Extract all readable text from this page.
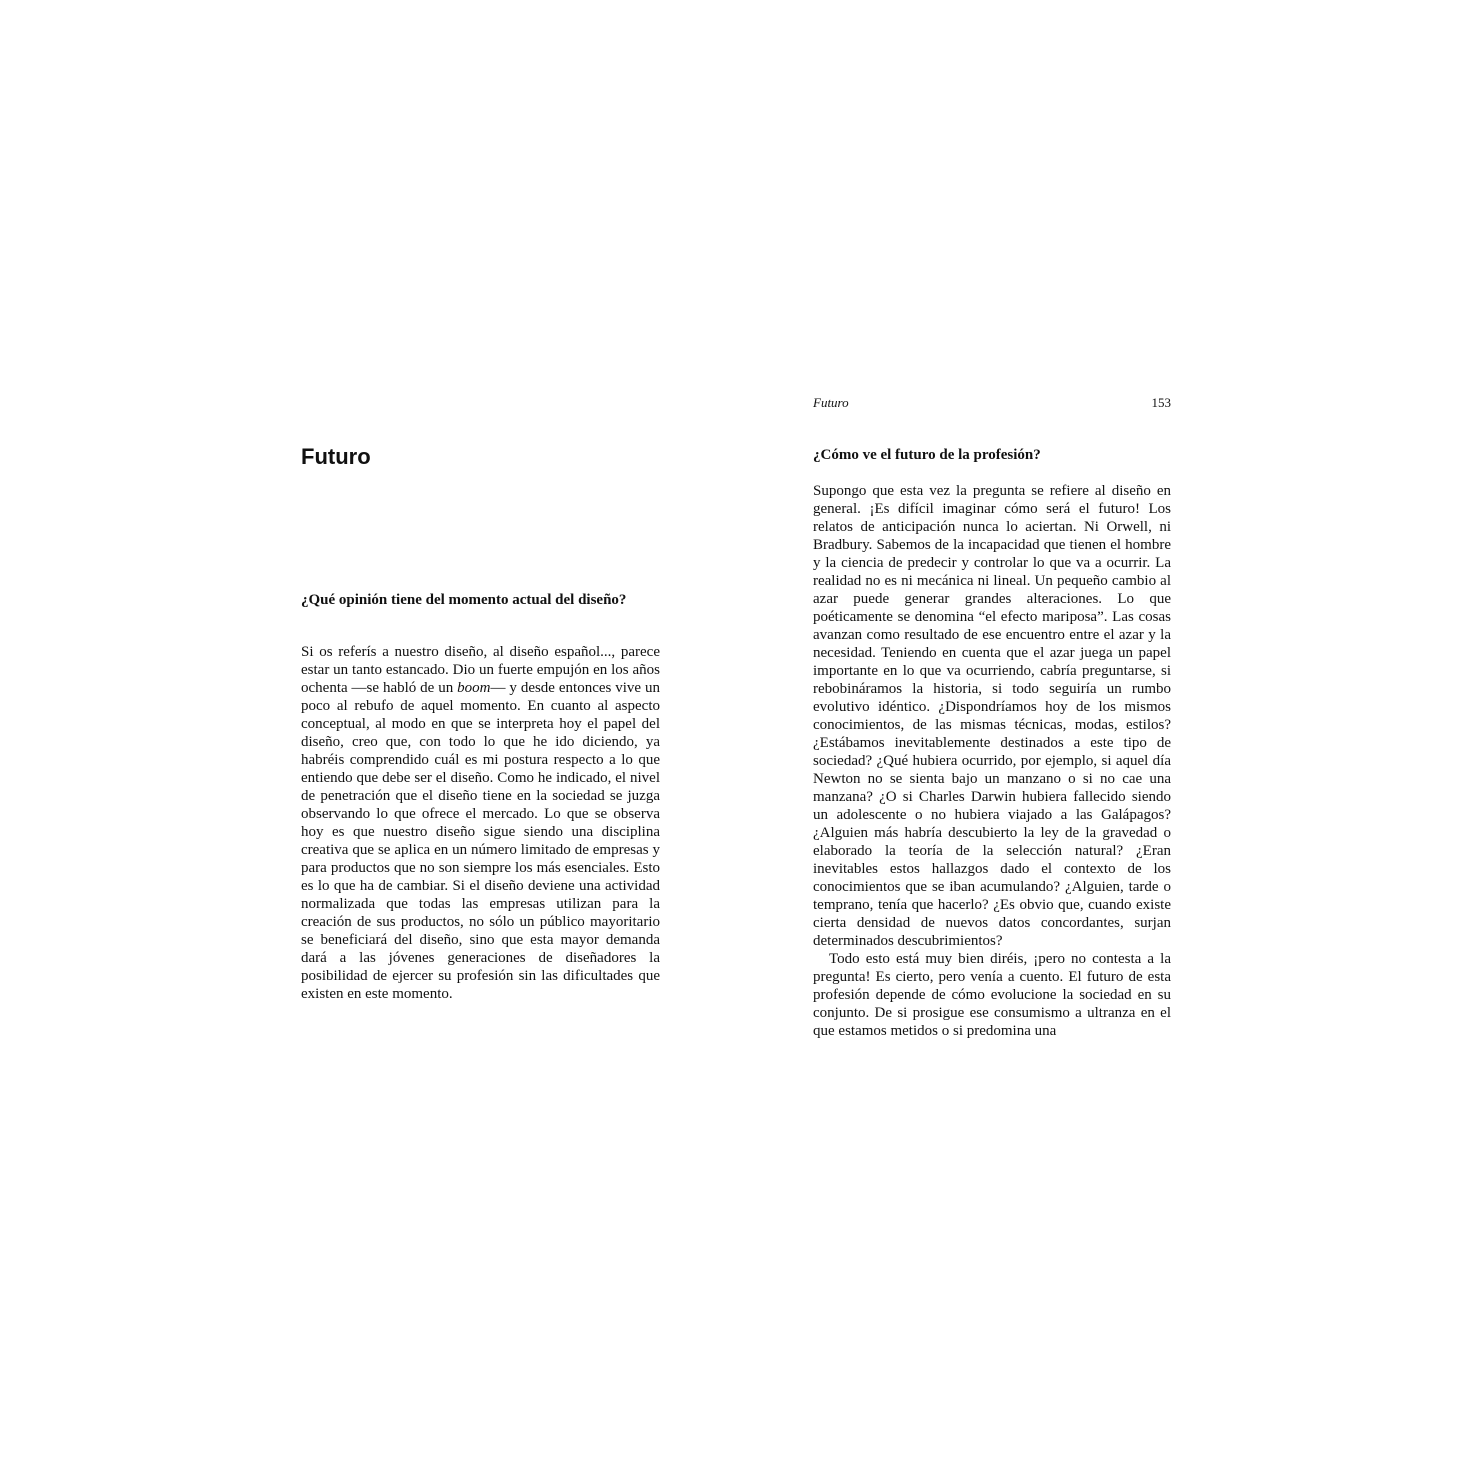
Futuro
¿Qué opinión tiene del momento actual del diseño?

Si os referís a nuestro diseño, al diseño español..., parece estar un tanto estancado. Dio un fuerte empujón en los años ochenta —se habló de un boom— y desde entonces vive un poco al rebufo de aquel momento. En cuanto al aspecto conceptual, al modo en que se interpreta hoy el papel del diseño, creo que, con todo lo que he ido diciendo, ya habréis comprendido cuál es mi postura respecto a lo que entiendo que debe ser el diseño. Como he indicado, el nivel de penetración que el diseño tiene en la sociedad se juzga observando lo que ofrece el mercado. Lo que se observa hoy es que nuestro diseño sigue siendo una disciplina creativa que se aplica en un número limitado de empresas y para productos que no son siempre los más esenciales. Esto es lo que ha de cambiar. Si el diseño deviene una actividad normalizada que todas las empresas utilizan para la creación de sus productos, no sólo un público mayoritario se beneficiará del diseño, sino que esta mayor demanda dará a las jóvenes generaciones de diseñadores la posibilidad de ejercer su profesión sin las dificultades que existen en este momento.

Futuro	153
¿Cómo ve el futuro de la profesión?

Supongo que esta vez la pregunta se refiere al diseño en general. ¡Es difícil imaginar cómo será el futuro! Los relatos de anticipación nunca lo aciertan. Ni Orwell, ni Bradbury. Sabemos de la incapacidad que tienen el hombre y la ciencia de predecir y controlar lo que va a ocurrir. La realidad no es ni mecánica ni lineal. Un pequeño cambio al azar puede generar grandes alteraciones. Lo que poéticamente se denomina “el efecto mariposa”. Las cosas avanzan como resultado de ese encuentro entre el azar y la necesidad. Teniendo en cuenta que el azar juega un papel importante en lo que va ocurriendo, cabría preguntarse, si rebobináramos la historia, si todo seguiría un rumbo evolutivo idéntico. ¿Dispondríamos hoy de los mismos conocimientos, de las mismas técnicas, modas, estilos? ¿Estábamos inevitablemente destinados a este tipo de sociedad? ¿Qué hubiera ocurrido, por ejemplo, si aquel día Newton no se sienta bajo un manzano o si no cae una manzana? ¿O si Charles Darwin hubiera fallecido siendo un adolescente o no hubiera viajado a las Galápagos? ¿Alguien más habría descubierto la ley de la gravedad o elaborado la teoría de la selección natural? ¿Eran inevitables estos hallazgos dado el contexto de los conocimientos que se iban acumulando? ¿Alguien, tarde o temprano, tenía que hacerlo? ¿Es obvio que, cuando existe cierta densidad de nuevos datos concordantes, surjan determinados descubrimientos?

Todo esto está muy bien diréis, ¡pero no contesta a la pregunta! Es cierto, pero venía a cuento. El futuro de esta profesión depende de cómo evolucione la sociedad en su conjunto. De si prosigue ese consumismo a ultranza en el que estamos metidos o si predomina una
